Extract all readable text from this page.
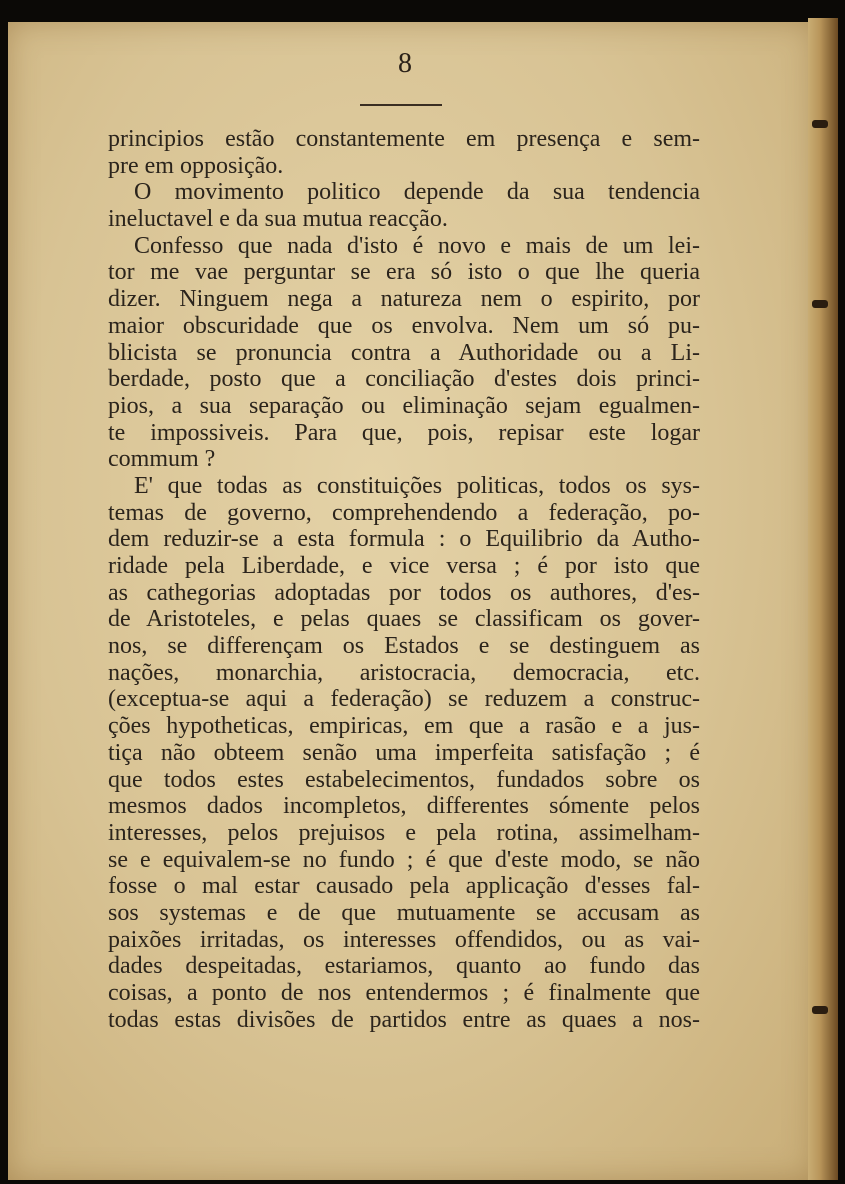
8

principios estão constantemente em presença e sem-
pre em opposição.
O movimento politico depende da sua tendencia
ineluctavel e da sua mutua reacção.
Confesso que nada d'isto é novo e mais de um lei-
tor me vae perguntar se era só isto o que lhe queria
dizer. Ninguem nega a natureza nem o espirito, por
maior obscuridade que os envolva. Nem um só pu-
blicista se pronuncia contra a Authoridade ou a Li-
berdade, posto que a conciliação d'estes dois princi-
pios, a sua separação ou eliminação sejam egualmen-
te impossiveis. Para que, pois, repisar este logar
commum ?
E' que todas as constituições politicas, todos os sys-
temas de governo, comprehendendo a federação, po-
dem reduzir-se a esta formula : o Equilibrio da Autho-
ridade pela Liberdade, e vice versa ; é por isto que
as cathegorias adoptadas por todos os authores, d'es-
de Aristoteles, e pelas quaes se classificam os gover-
nos, se differençam os Estados e se destinguem as
nações, monarchia, aristocracia, democracia, etc.
(exceptua-se aqui a federação) se reduzem a construc-
ções hypotheticas, empiricas, em que a rasão e a jus-
tiça não obteem senão uma imperfeita satisfação ; é
que todos estes estabelecimentos, fundados sobre os
mesmos dados incompletos, differentes sómente pelos
interesses, pelos prejuisos e pela rotina, assimelham-
se e equivalem-se no fundo ; é que d'este modo, se não
fosse o mal estar causado pela applicação d'esses fal-
sos systemas e de que mutuamente se accusam as
paixões irritadas, os interesses offendidos, ou as vai-
dades despeitadas, estariamos, quanto ao fundo das
coisas, a ponto de nos entendermos ; é finalmente que
todas estas divisões de partidos entre as quaes a nos-
